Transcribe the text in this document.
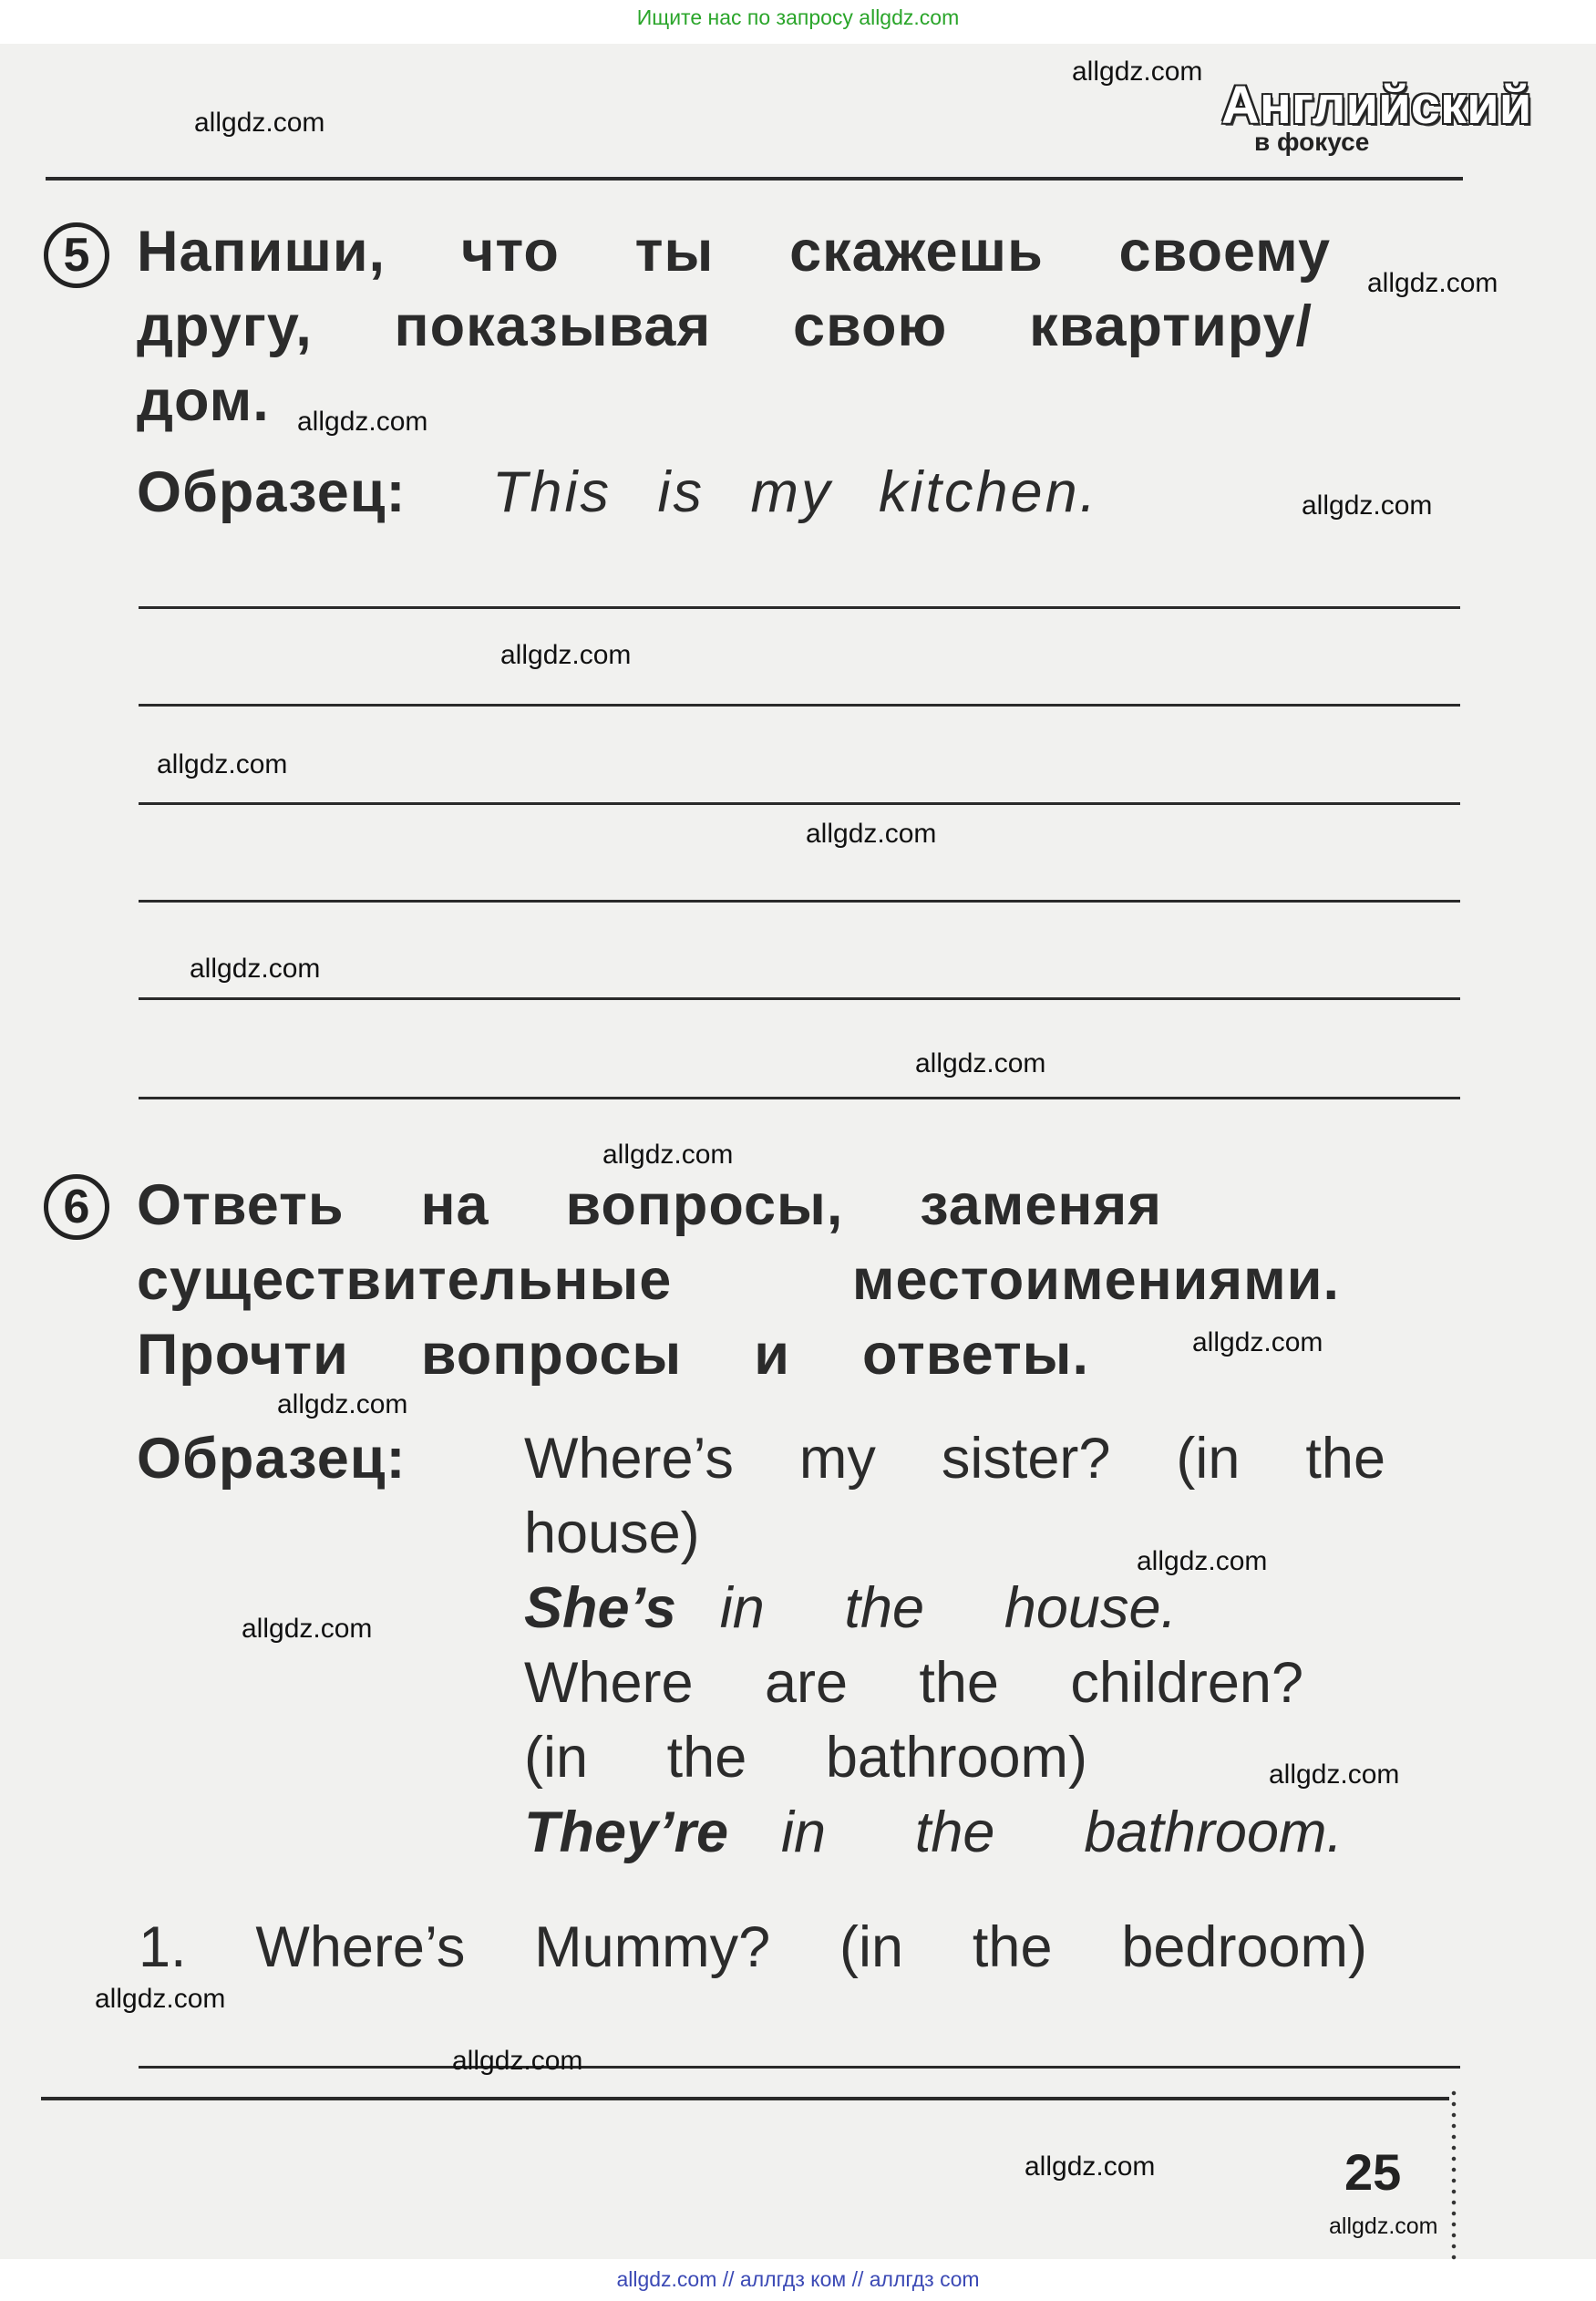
Ищите нас по запросу allgdz.com
Английский
в фокусе
5 Напиши, что ты скажешь своему
другу, показывая свою квартиру/
дом.
Образец: This is my kitchen.
6 Ответь на вопросы, заменяя
существительные местоимениями.
Прочти вопросы и ответы.
Образец: Where’s my sister? (in the
house)
She’s in the house.
Where are the children?
(in the bathroom)
They’re in the bathroom.
1. Where’s Mummy? (in the bedroom)
25
allgdz.com
allgdz.com
allgdz.com
allgdz.com
allgdz.com
allgdz.com
allgdz.com
allgdz.com
allgdz.com
allgdz.com
allgdz.com
allgdz.com
allgdz.com
allgdz.com
allgdz.com
allgdz.com
allgdz.com
allgdz.com
allgdz.com
allgdz.com
allgdz.com // аллгдз ком // аллгдз com
